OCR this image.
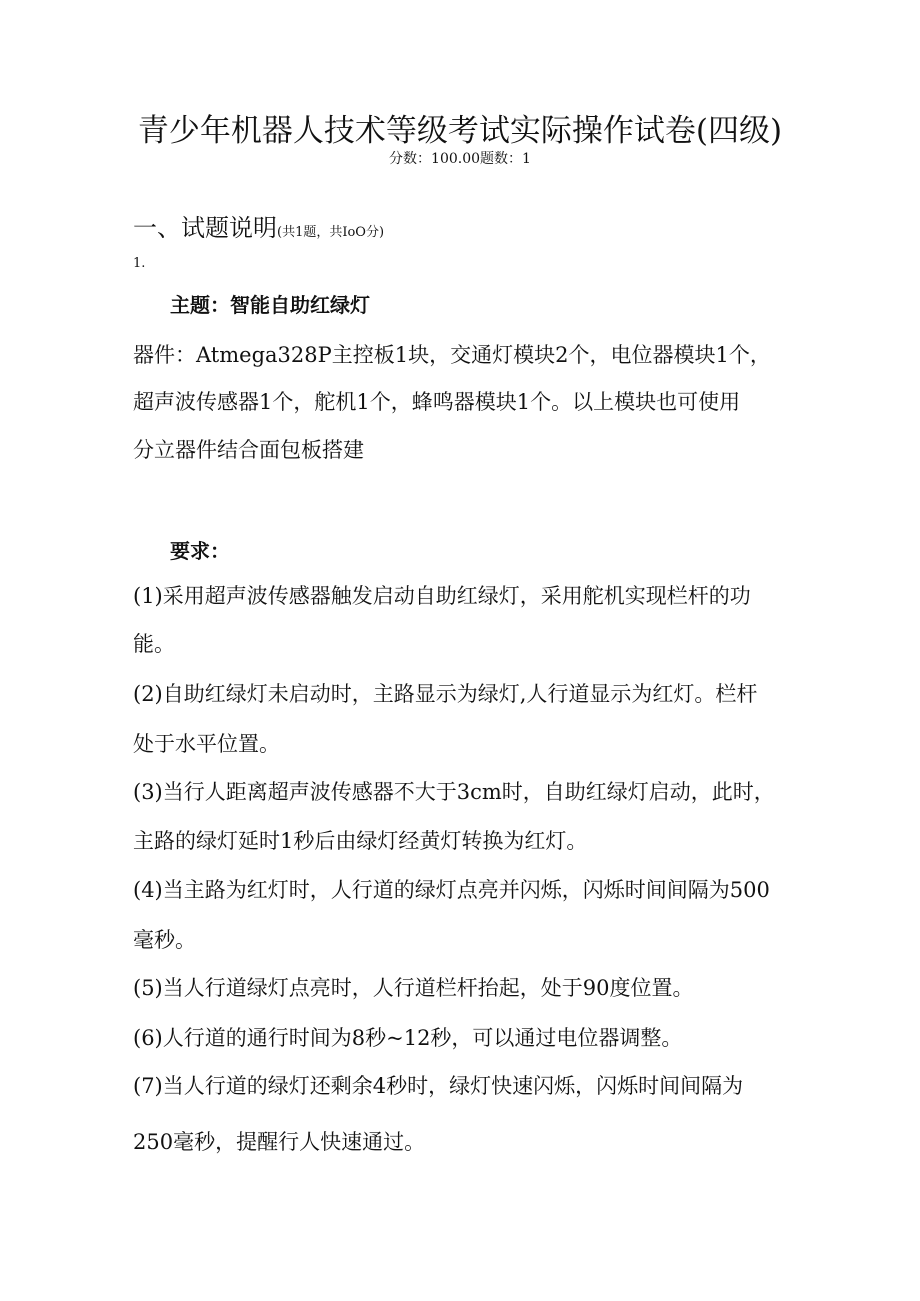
青少年机器人技术等级考试实际操作试卷(四级)
分数：100.00题数：1
一、试题说明(共1题，共IoO分)
1.
主题：智能自助红绿灯
器件：Atmega328P主控板1块，交通灯模块2个，电位器模块1个，
超声波传感器1个，舵机1个，蜂鸣器模块1个。以上模块也可使用
分立器件结合面包板搭建
要求：
(1)采用超声波传感器触发启动自助红绿灯，采用舵机实现栏杆的功
能。
(2)自助红绿灯未启动时，主路显示为绿灯,人行道显示为红灯。栏杆
处于水平位置。
(3)当行人距离超声波传感器不大于3cm时，自助红绿灯启动，此时，
主路的绿灯延时1秒后由绿灯经黄灯转换为红灯。
(4)当主路为红灯时，人行道的绿灯点亮并闪烁，闪烁时间间隔为500
毫秒。
(5)当人行道绿灯点亮时，人行道栏杆抬起，处于90度位置。
(6)人行道的通行时间为8秒~12秒，可以通过电位器调整。
(7)当人行道的绿灯还剩余4秒时，绿灯快速闪烁，闪烁时间间隔为
250毫秒，提醒行人快速通过。
